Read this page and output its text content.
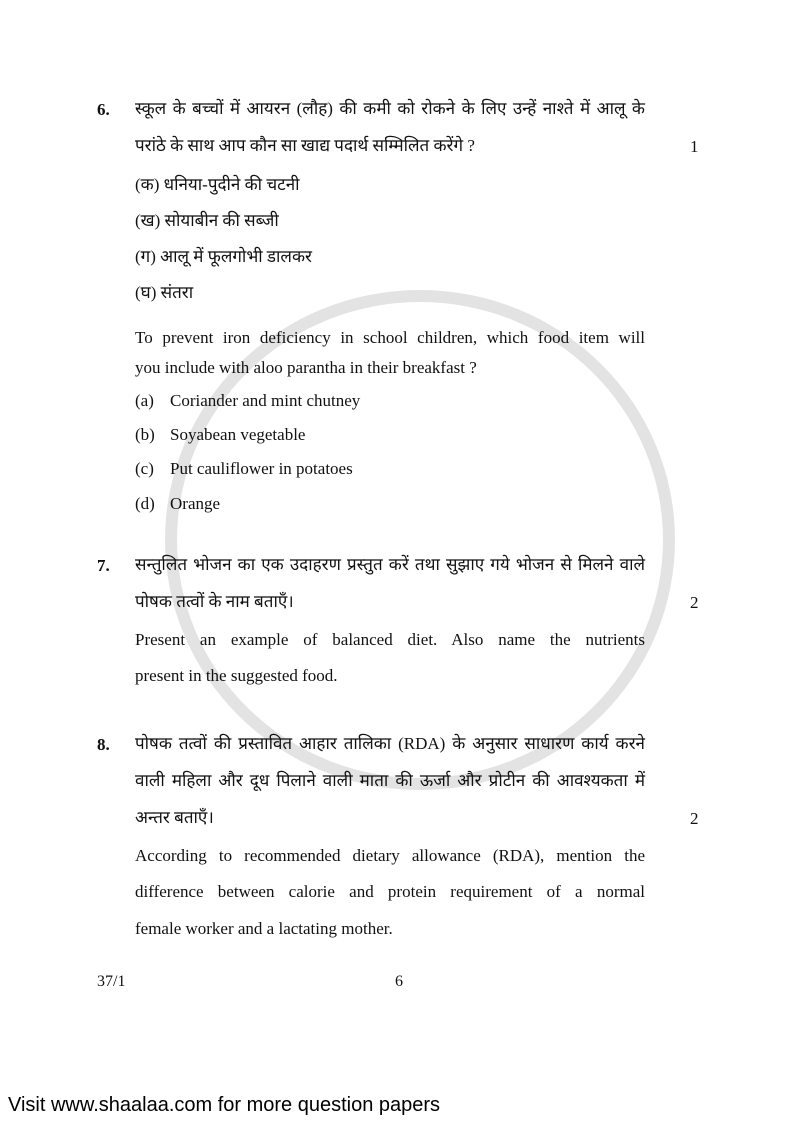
6. स्कूल के बच्चों में आयरन (लौह) की कमी को रोकने के लिए उन्हें नाश्ते में आलू के
परांठे के साथ आप कौन सा खाद्य पदार्थ सम्मिलित करेंगे ?	1
(क) धनिया-पुदीने की चटनी
(ख) सोयाबीन की सब्जी
(ग) आलू में फूलगोभी डालकर
(घ) संतरा
To prevent iron deficiency in school children, which food item will
you include with aloo parantha in their breakfast ?
(a) Coriander and mint chutney
(b) Soyabean vegetable
(c) Put cauliflower in potatoes
(d) Orange
7. सन्तुलित भोजन का एक उदाहरण प्रस्तुत करें तथा सुझाए गये भोजन से मिलने वाले
पोषक तत्वों के नाम बताएँ।	2
Present an example of balanced diet. Also name the nutrients
present in the suggested food.
8. पोषक तत्वों की प्रस्तावित आहार तालिका (RDA) के अनुसार साधारण कार्य करने
वाली महिला और दूध पिलाने वाली माता की ऊर्जा और प्रोटीन की आवश्यकता में
अन्तर बताएँ।	2
According to recommended dietary allowance (RDA), mention the
difference between calorie and protein requirement of a normal
female worker and a lactating mother.
37/1	6
Visit www.shaalaa.com for more question papers
